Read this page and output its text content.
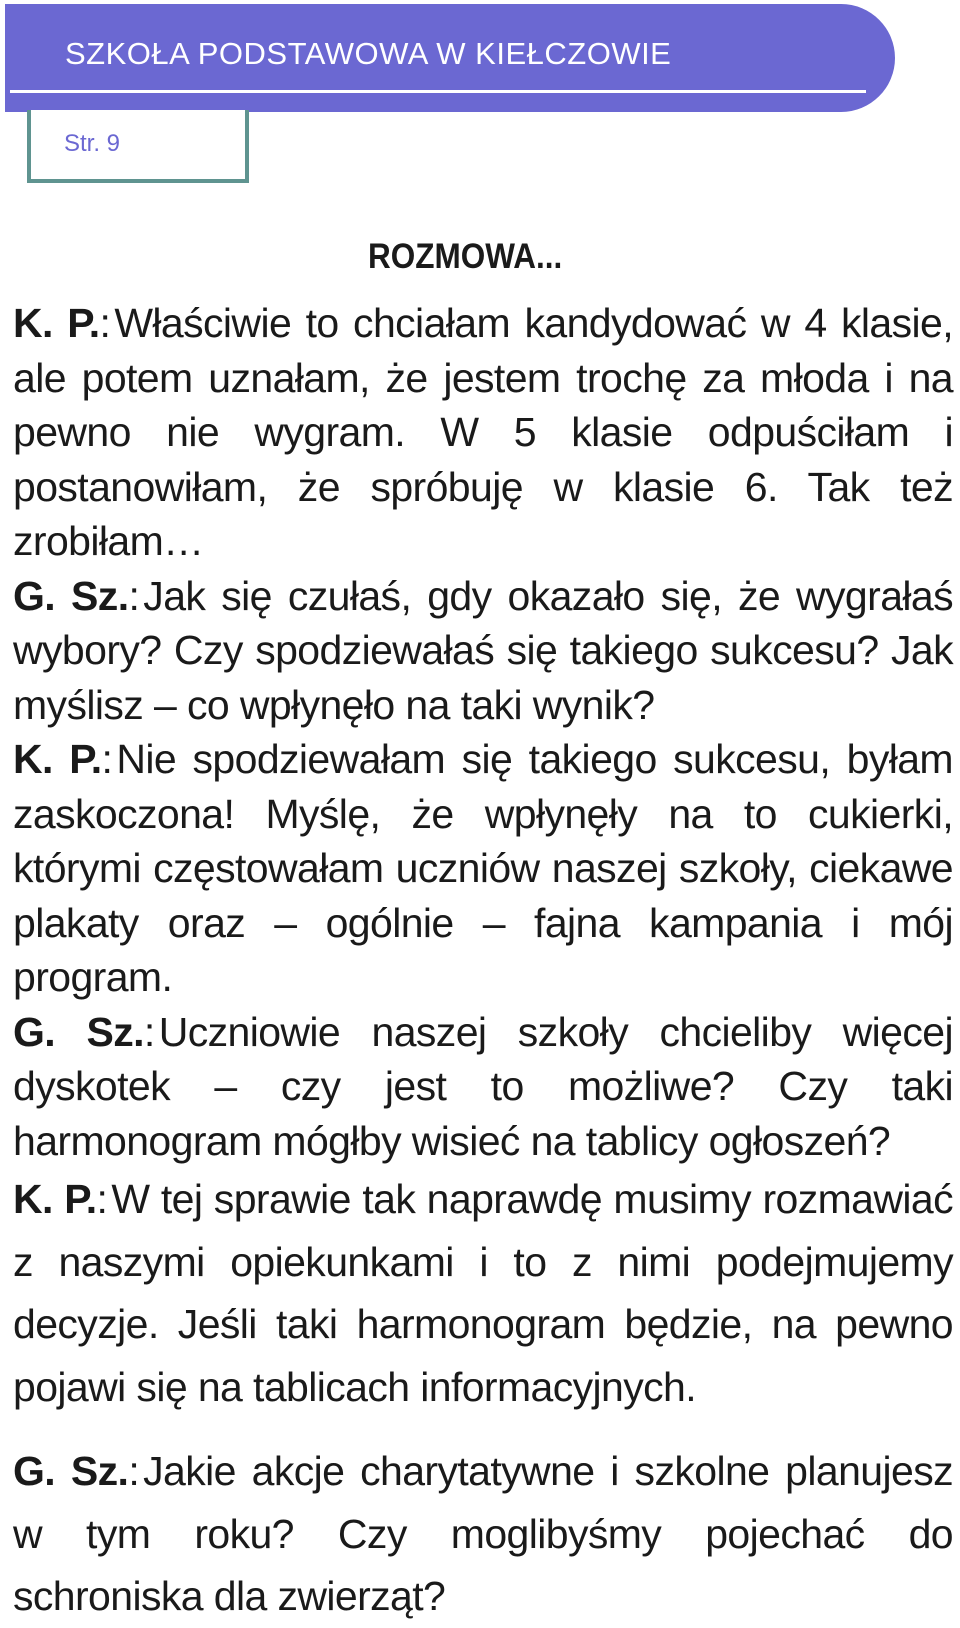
SZKOŁA PODSTAWOWA W KIEŁCZOWIE
Str. 9
ROZMOWA...

K. P.:Właściwie to chciałam kandydować w 4 klasie, ale potem uznałam, że jestem trochę za młoda i na pewno nie wygram. W 5 klasie odpuściłam i postanowiłam, że spróbuję w klasie 6. Tak też zrobiłam…

G. Sz.:Jak się czułaś, gdy okazało się, że wygrałaś wybory? Czy spodziewałaś się takiego sukcesu? Jak myślisz – co wpłynęło na taki wynik?

K. P.:Nie spodziewałam się takiego sukcesu, byłam zaskoczona! Myślę, że wpłynęły na to cukierki, którymi częstowałam uczniów naszej szkoły, ciekawe plakaty oraz – ogólnie – fajna kampania i mój program.

G. Sz.:Uczniowie naszej szkoły chcieliby więcej dyskotek – czy jest to możliwe? Czy taki harmonogram mógłby wisieć na tablicy ogłoszeń?

K. P.:W tej sprawie tak naprawdę musimy rozmawiać z naszymi opiekunkami i to z nimi podejmujemy decyzje. Jeśli taki harmonogram będzie, na pewno pojawi się na tablicach informacyjnych.

G. Sz.:Jakie akcje charytatywne i szkolne planujesz w tym roku? Czy moglibyśmy pojechać do schroniska dla zwierząt?
